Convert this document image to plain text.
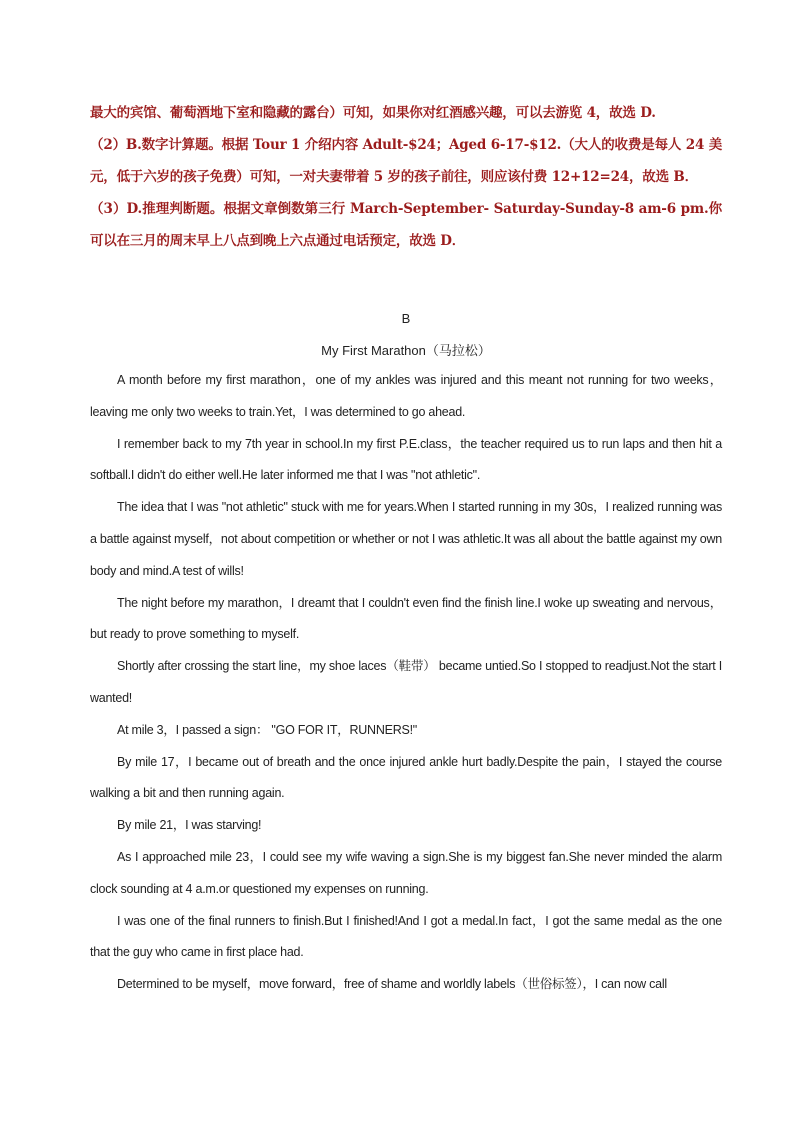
最大的宾馆、葡萄酒地下室和隐藏的露台）可知，如果你对红酒感兴趣，可以去游览 4，故选 D.

（2）B.数字计算题。根据 Tour 1 介绍内容 Adult-$24；Aged 6-17-$12.（大人的收费是每人 24 美元，低于六岁的孩子免费）可知，一对夫妻带着 5 岁的孩子前往，则应该付费 12+12=24，故选 B．

（3）D.推理判断题。根据文章倒数第三行 March-September- Saturday-Sunday-8 am-6 pm.你可以在三月的周末早上八点到晚上六点通过电话预定，故选 D．

B
My First Marathon（马拉松）

A month before my first marathon，one of my ankles was injured and this meant not running for two weeks，leaving me only two weeks to train.Yet，I was determined to go ahead.

I remember back to my 7th year in school.In my first P.E.class，the teacher required us to run laps and then hit a softball.I didn't do either well.He later informed me that I was "not athletic".

The idea that I was "not athletic" stuck with me for years.When I started running in my 30s，I realized running was a battle against myself，not about competition or whether or not I was athletic.It was all about the battle against my own body and mind.A test of wills!

The night before my marathon，I dreamt that I couldn't even find the finish line.I woke up sweating and nervous，but ready to prove something to myself.

Shortly after crossing the start line，my shoe laces（鞋带） became untied.So I stopped to readjust.Not the start I wanted!

At mile 3，I passed a sign： "GO FOR IT，RUNNERS!"

By mile 17，I became out of breath and the once injured ankle hurt badly.Despite the pain，I stayed the course walking a bit and then running again.

By mile 21，I was starving!

As I approached mile 23，I could see my wife waving a sign.She is my biggest fan.She never minded the alarm clock sounding at 4 a.m.or questioned my expenses on running.

I was one of the final runners to finish.But I finished!And I got a medal.In fact，I got the same medal as the one that the guy who came in first place had.

Determined to be myself，move forward，free of shame and worldly labels（世俗标签），I can now call
